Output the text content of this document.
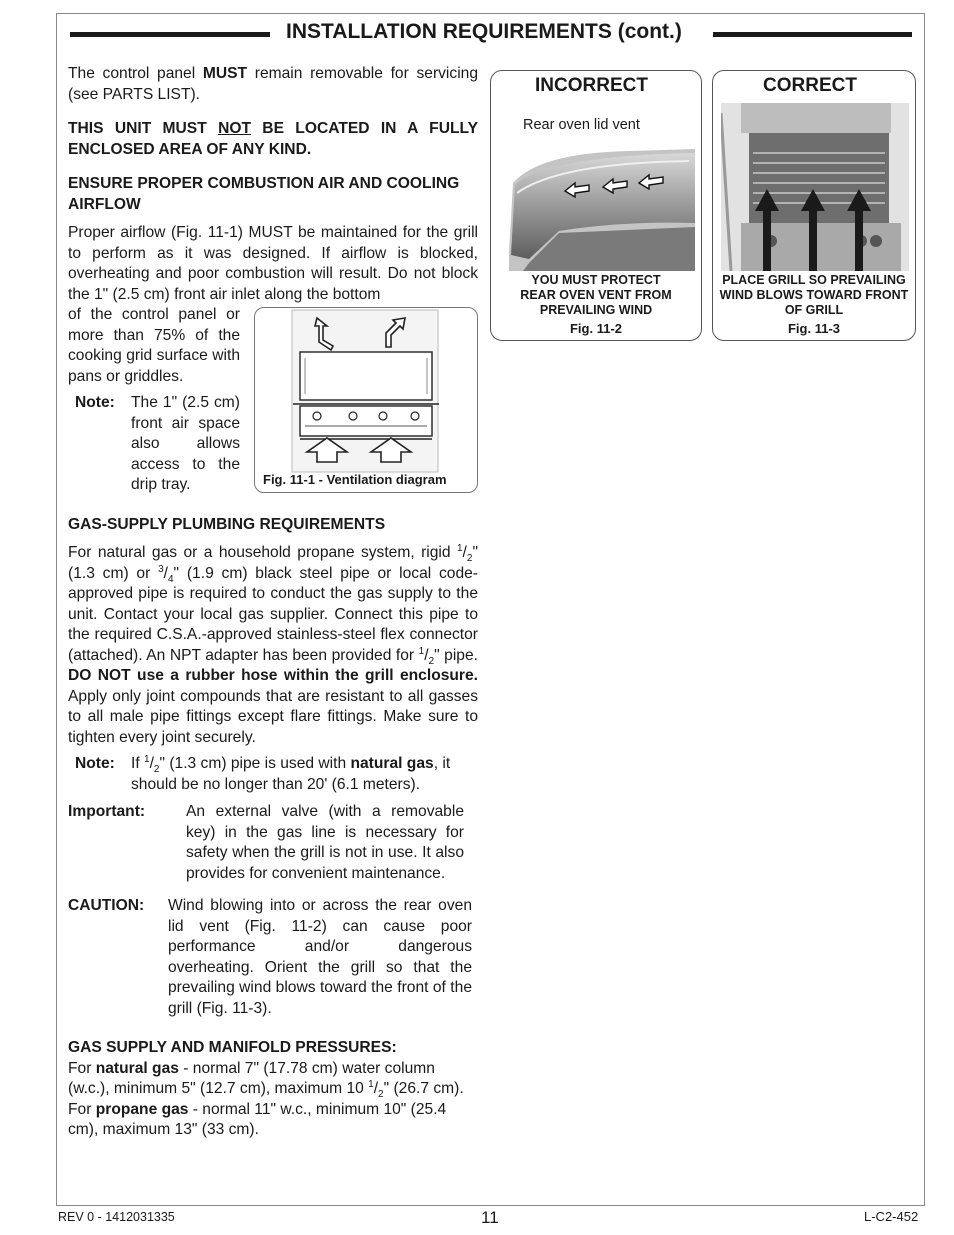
INSTALLATION REQUIREMENTS (cont.)

The control panel MUST remain removable for servicing (see PARTS LIST).

THIS UNIT MUST NOT BE LOCATED IN A FULLY ENCLOSED AREA OF ANY KIND.

ENSURE PROPER COMBUSTION AIR AND COOLING AIRFLOW

Proper airflow (Fig. 11-1) MUST be maintained for the grill to perform as it was designed. If airflow is blocked, overheating and poor combustion will result. Do not block the 1" (2.5 cm) front air inlet along the bottom

Fig. 11-1 - Ventilation diagram

of the control panel or more than 75% of the cooking grid surface with pans or griddles.

Note:	The 1" (2.5 cm) front air space also allows access to the drip tray.

GAS-SUPPLY PLUMBING REQUIREMENTS

For natural gas or a household propane system, rigid $^1/_2$" (1.3 cm) or $^3/_4$" (1.9 cm) black steel pipe or local code-approved pipe is required to conduct the gas supply to the unit. Contact your local gas supplier. Connect this pipe to the required C.S.A.-approved stainless-steel flex connector (attached). An NPT adapter has been provided for $^1/_2$" pipe. DO NOT use a rubber hose within the grill enclosure. Apply only joint compounds that are resistant to all gasses to all male pipe fittings except flare fittings. Make sure to tighten every joint securely.

Note:	If $^1/_2$" (1.3 cm) pipe is used with natural gas, it should be no longer than 20' (6.1 meters).
Important:	An external valve (with a removable key) in the gas line is necessary for safety when the grill is not in use. It also provides for convenient maintenance.
CAUTION:	Wind blowing into or across the rear oven lid vent (Fig. 11-2) can cause poor performance and/or dangerous overheating. Orient the grill so that the prevailing wind blows toward the front of the grill (Fig. 11-3).

GAS SUPPLY AND MANIFOLD PRESSURES:

For natural gas - normal 7" (17.78 cm) water column (w.c.), minimum 5" (12.7 cm), maximum 10 $^1/_2$" (26.7 cm). For propane gas - normal 11" w.c., minimum 10" (25.4 cm), maximum 13" (33 cm).

INCORRECT
Rear oven lid vent
YOU MUST PROTECT
REAR OVEN VENT FROM
PREVAILING WIND
Fig. 11-2
CORRECT
PLACE GRILL SO PREVAILING
WIND BLOWS TOWARD FRONT
OF GRILL
Fig. 11-3
REV 0 - 1412031335	11	L-C2-452
